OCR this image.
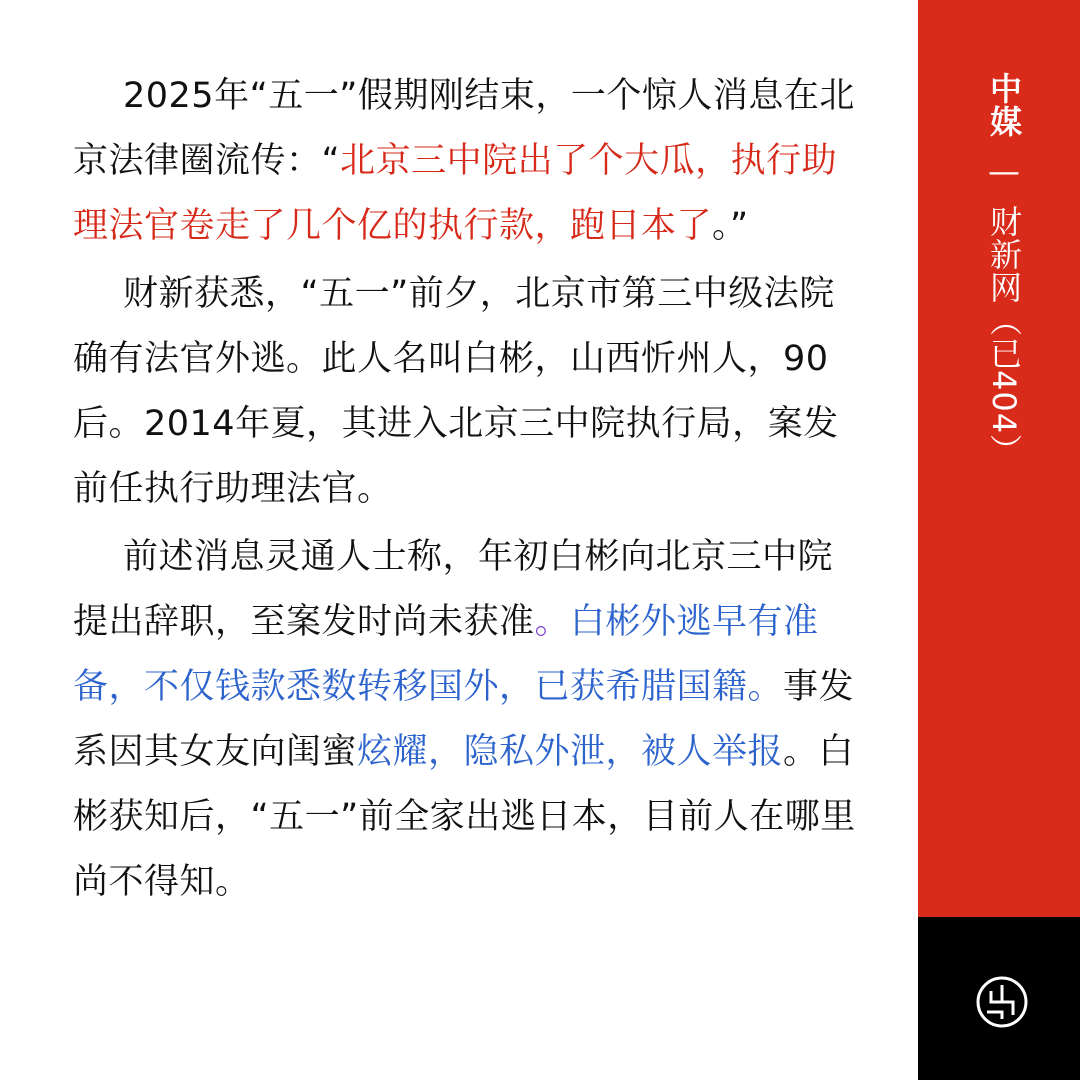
2025年“五一”假期刚结束，一个惊人消息在北京法律圈流传：“北京三中院出了个大瓜，执行助理法官卷走了几个亿的执行款，跑日本了。”

财新获悉，“五一”前夕，北京市第三中级法院确有法官外逃。此人名叫白彬，山西忻州人，90后。2014年夏，其进入北京三中院执行局，案发前任执行助理法官。

前述消息灵通人士称，年初白彬向北京三中院提出辞职，至案发时尚未获准。白彬外逃早有准备，不仅钱款悉数转移国外，已获希腊国籍。事发系因其女友向闺蜜炫耀，隐私外泄，被人举报。白彬获知后，“五一”前全家出逃日本，目前人在哪里尚不得知。

中媒—财新网（已404）
